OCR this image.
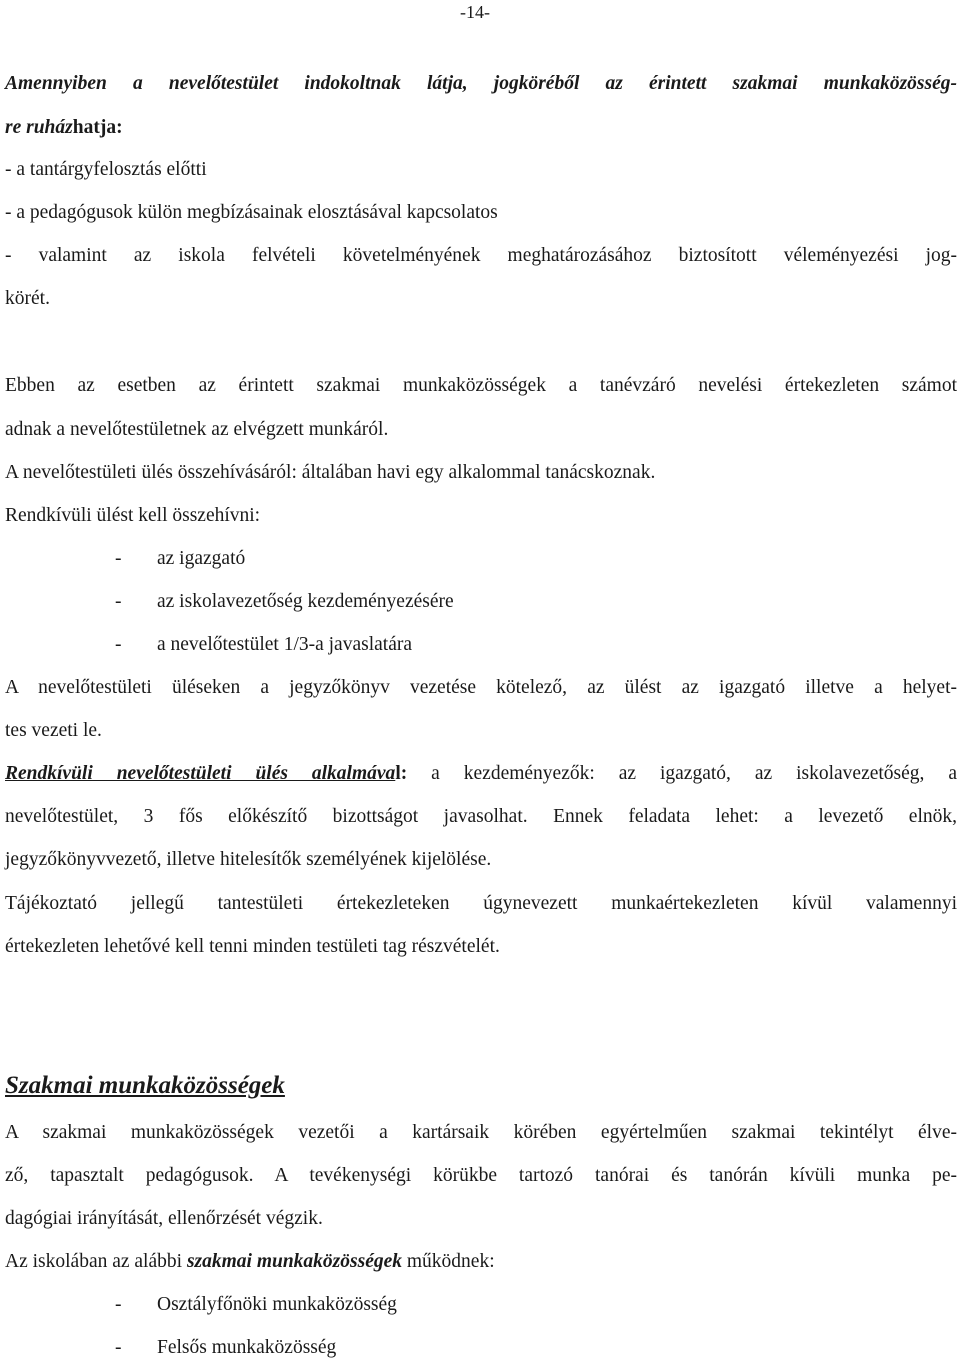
-14-
Amennyiben a nevelőtestület indokoltnak látja, jogköréből az érintett szakmai munkaközösség-
re ruházhatja:
- a tantárgyfelosztás előtti
- a pedagógusok külön megbízásainak elosztásával kapcsolatos
- valamint az iskola felvételi követelményének meghatározásához biztosított véleményezési jog-
körét.
Ebben az esetben az érintett szakmai munkaközösségek a tanévzáró nevelési értekezleten számot
adnak a nevelőtestületnek az elvégzett munkáról.
A nevelőtestületi ülés összehívásáról: általában havi egy alkalommal tanácskoznak.
Rendkívüli ülést kell összehívni:
- az igazgató
- az iskolavezetőség kezdeményezésére
- a nevelőtestület 1/3-a javaslatára
A nevelőtestületi üléseken a jegyzőkönyv vezetése kötelező, az ülést az igazgató illetve a helyet-
tes vezeti le.
Rendkívüli nevelőtestületi ülés alkalmával: a kezdeményezők: az igazgató, az iskolavezetőség, a
nevelőtestület, 3 fős előkészítő bizottságot javasolhat. Ennek feladata lehet: a levezető elnök,
jegyzőkönyvvezető, illetve hitelesítők személyének kijelölése.
Tájékoztató jellegű tantestületi értekezleteken úgynevezett munkaértekezleten kívül valamennyi
értekezleten lehetővé kell tenni minden testületi tag részvételét.
Szakmai munkaközösségek
A szakmai munkaközösségek vezetői a kartársaik körében egyértelműen szakmai tekintélyt élve-
ző, tapasztalt pedagógusok. A tevékenységi körükbe tartozó tanórai és tanórán kívüli munka pe-
dagógiai irányítását, ellenőrzését végzik.
Az iskolában az alábbi szakmai munkaközösségek működnek:
- Osztályfőnöki munkaközösség
- Felsős munkaközösség
